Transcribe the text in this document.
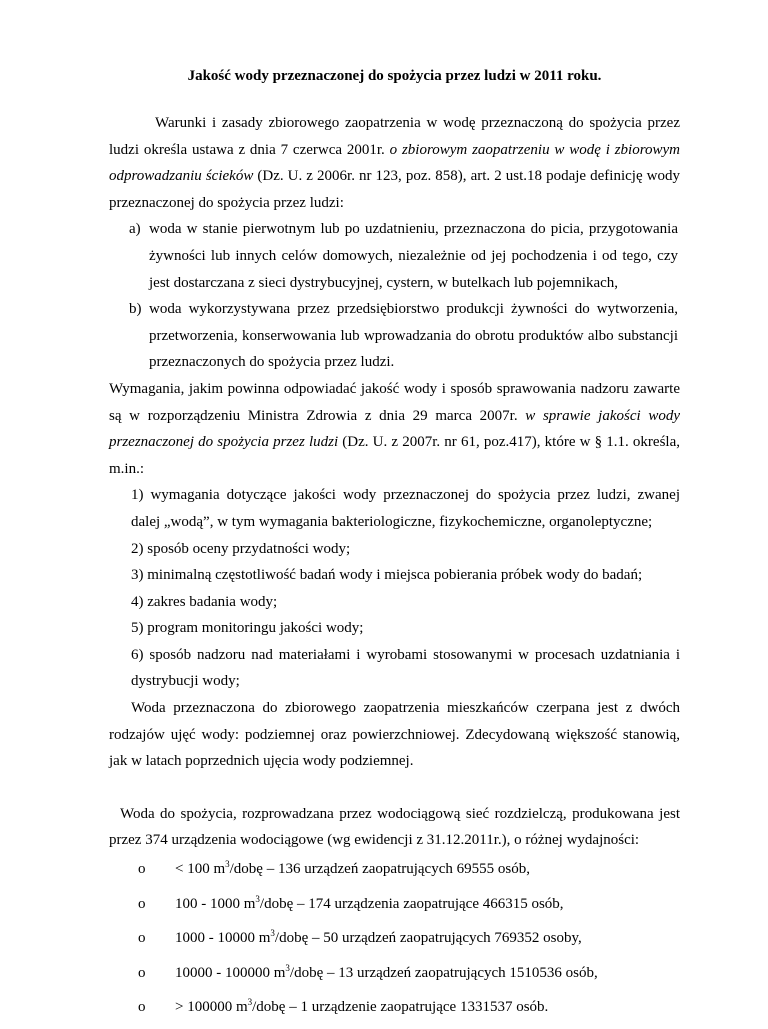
Jakość wody przeznaczonej do spożycia przez ludzi w 2011 roku.

Warunki i zasady zbiorowego zaopatrzenia w wodę przeznaczoną do spożycia przez ludzi określa ustawa z dnia 7 czerwca 2001r. o zbiorowym zaopatrzeniu w wodę i zbiorowym odprowadzaniu ścieków (Dz. U. z 2006r. nr 123, poz. 858), art. 2 ust.18 podaje definicję wody przeznaczonej do spożycia przez ludzi:

a) woda w stanie pierwotnym lub po uzdatnieniu, przeznaczona do picia, przygotowania żywności lub innych celów domowych, niezależnie od jej pochodzenia i od tego, czy jest dostarczana z sieci dystrybucyjnej, cystern, w butelkach lub pojemnikach,
b) woda wykorzystywana przez przedsiębiorstwo produkcji żywności do wytworzenia, przetworzenia, konserwowania lub wprowadzania do obrotu produktów albo substancji przeznaczonych do spożycia przez ludzi.

Wymagania, jakim powinna odpowiadać jakość wody i sposób sprawowania nadzoru zawarte są w rozporządzeniu Ministra Zdrowia z dnia 29 marca 2007r. w sprawie jakości wody przeznaczonej do spożycia przez ludzi (Dz. U. z 2007r. nr 61, poz.417), które w § 1.1. określa, m.in.:

1) wymagania dotyczące jakości wody przeznaczonej do spożycia przez ludzi, zwanej dalej „wodą”, w tym wymagania bakteriologiczne, fizykochemiczne, organoleptyczne;
2) sposób oceny przydatności wody;
3) minimalną częstotliwość badań wody i miejsca pobierania próbek wody do badań;
4) zakres badania wody;
5) program monitoringu jakości wody;
6) sposób nadzoru nad materiałami i wyrobami stosowanymi w procesach uzdatniania i dystrybucji wody;

Woda przeznaczona do zbiorowego zaopatrzenia mieszkańców czerpana jest z dwóch rodzajów ujęć wody: podziemnej oraz powierzchniowej. Zdecydowaną większość stanowią, jak w latach poprzednich ujęcia wody podziemnej.

Woda do spożycia, rozprowadzana przez wodociągową sieć rozdzielczą, produkowana jest przez 374 urządzenia wodociągowe (wg ewidencji z 31.12.2011r.), o różnej wydajności:

o < 100 $m^3$/dobę – 136 urządzeń zaopatrujących 69555 osób,
o 100 - 1000 $m^3$/dobę – 174 urządzenia zaopatrujące 466315 osób,
o 1000 - 10000 $m^3$/dobę – 50 urządzeń zaopatrujących 769352 osoby,
o 10000 - 100000 $m^3$/dobę – 13 urządzeń zaopatrujących 1510536 osób,
o > 100000 $m^3$/dobę – 1 urządzenie zaopatrujące 1331537 osób.
